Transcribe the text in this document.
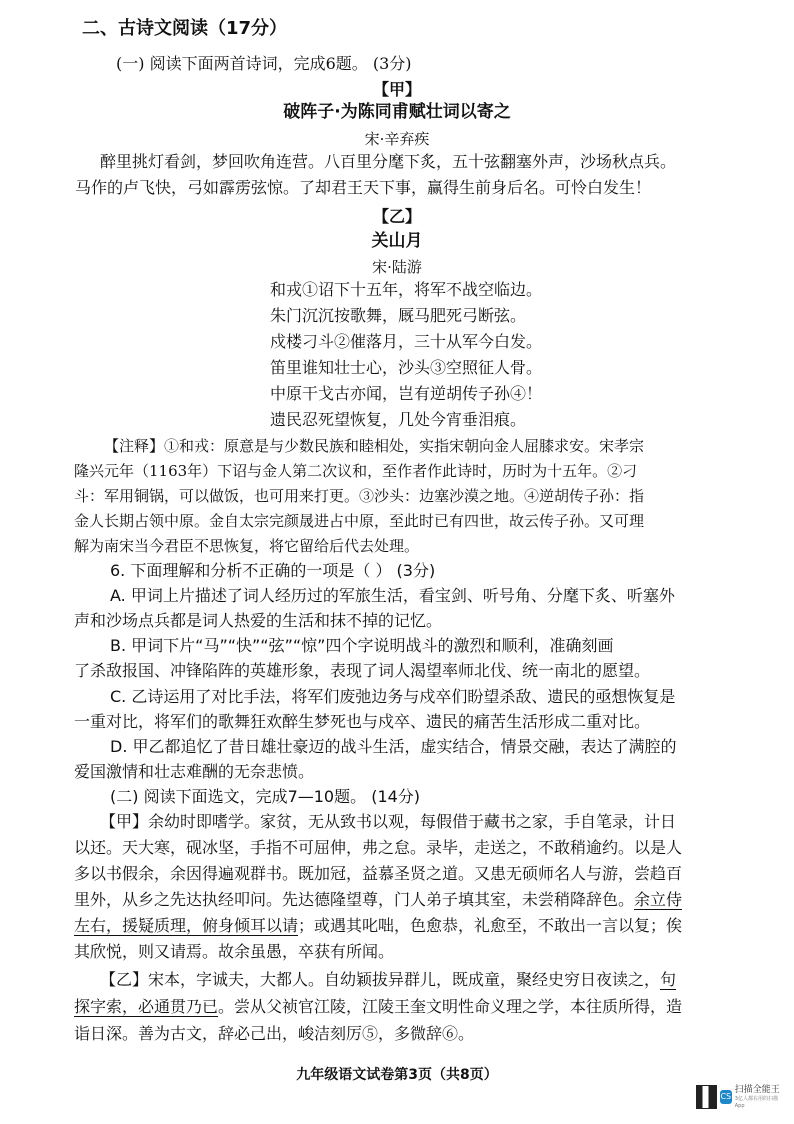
二、古诗文阅读（17分）
(一) 阅读下面两首诗词，完成6题。 (3分)
【甲】
破阵子·为陈同甫赋壮词以寄之
宋·辛弃疾
醉里挑灯看剑，梦回吹角连营。八百里分麾下炙，五十弦翻塞外声，沙场秋点兵。
马作的卢飞快，弓如霹雳弦惊。了却君王天下事，赢得生前身后名。可怜白发生！
【乙】
关山月
宋·陆游
和戎①诏下十五年，将军不战空临边。
朱门沉沉按歌舞，厩马肥死弓断弦。
戍楼刁斗②催落月，三十从军今白发。
笛里谁知壮士心，沙头③空照征人骨。
中原干戈古亦闻，岂有逆胡传子孙④！
遗民忍死望恢复，几处今宵垂泪痕。
【注释】①和戎：原意是与少数民族和睦相处，实指宋朝向金人屈膝求安。宋孝宗
隆兴元年（1163年）下诏与金人第二次议和，至作者作此诗时，历时为十五年。②刁
斗：军用铜锅，可以做饭，也可用来打更。③沙头：边塞沙漠之地。④逆胡传子孙：指
金人长期占领中原。金自太宗完颜晟进占中原，至此时已有四世，故云传子孙。又可理
解为南宋当今君臣不思恢复，将它留给后代去处理。
6. 下面理解和分析不正确的一项是（ ） (3分)
A. 甲词上片描述了词人经历过的军旅生活，看宝剑、听号角、分麾下炙、听塞外
声和沙场点兵都是词人热爱的生活和抹不掉的记忆。
B. 甲词下片“马”“快”“弦”“惊”四个字说明战斗的激烈和顺利，准确刻画
了杀敌报国、冲锋陷阵的英雄形象，表现了词人渴望率师北伐、统一南北的愿望。
C. 乙诗运用了对比手法，将军们废弛边务与戍卒们盼望杀敌、遗民的亟想恢复是
一重对比，将军们的歌舞狂欢醉生梦死也与戍卒、遗民的痛苦生活形成二重对比。
D. 甲乙都追忆了昔日雄壮豪迈的战斗生活，虚实结合，情景交融，表达了满腔的
爱国激情和壮志难酬的无奈悲愤。
(二) 阅读下面选文，完成7—10题。 (14分)
【甲】余幼时即嗜学。家贫，无从致书以观，每假借于藏书之家，手自笔录，计日
以还。天大寒，砚冰坚，手指不可屈伸，弗之怠。录毕，走送之，不敢稍逾约。以是人
多以书假余，余因得遍观群书。既加冠，益慕圣贤之道。又患无硕师名人与游，尝趋百
里外，从乡之先达执经叩问。先达德隆望尊，门人弟子填其室，未尝稍降辞色。余立侍
左右，援疑质理，俯身倾耳以请；或遇其叱咄，色愈恭，礼愈至，不敢出一言以复；俟
其欣悦，则又请焉。故余虽愚，卒获有所闻。
【乙】宋本，字诚夫，大都人。自幼颖拔异群儿，既成童，聚经史穷日夜读之，句
探字索，必通贯乃已。尝从父祯官江陵，江陵王奎文明性命义理之学，本往质所得，造
诣日深。善为古文，辞必己出，峻洁刻厉⑤，多微辞⑥。
九年级语文试卷第3页（共8页）
CS
扫描全能王
3亿人都在用的扫描App
